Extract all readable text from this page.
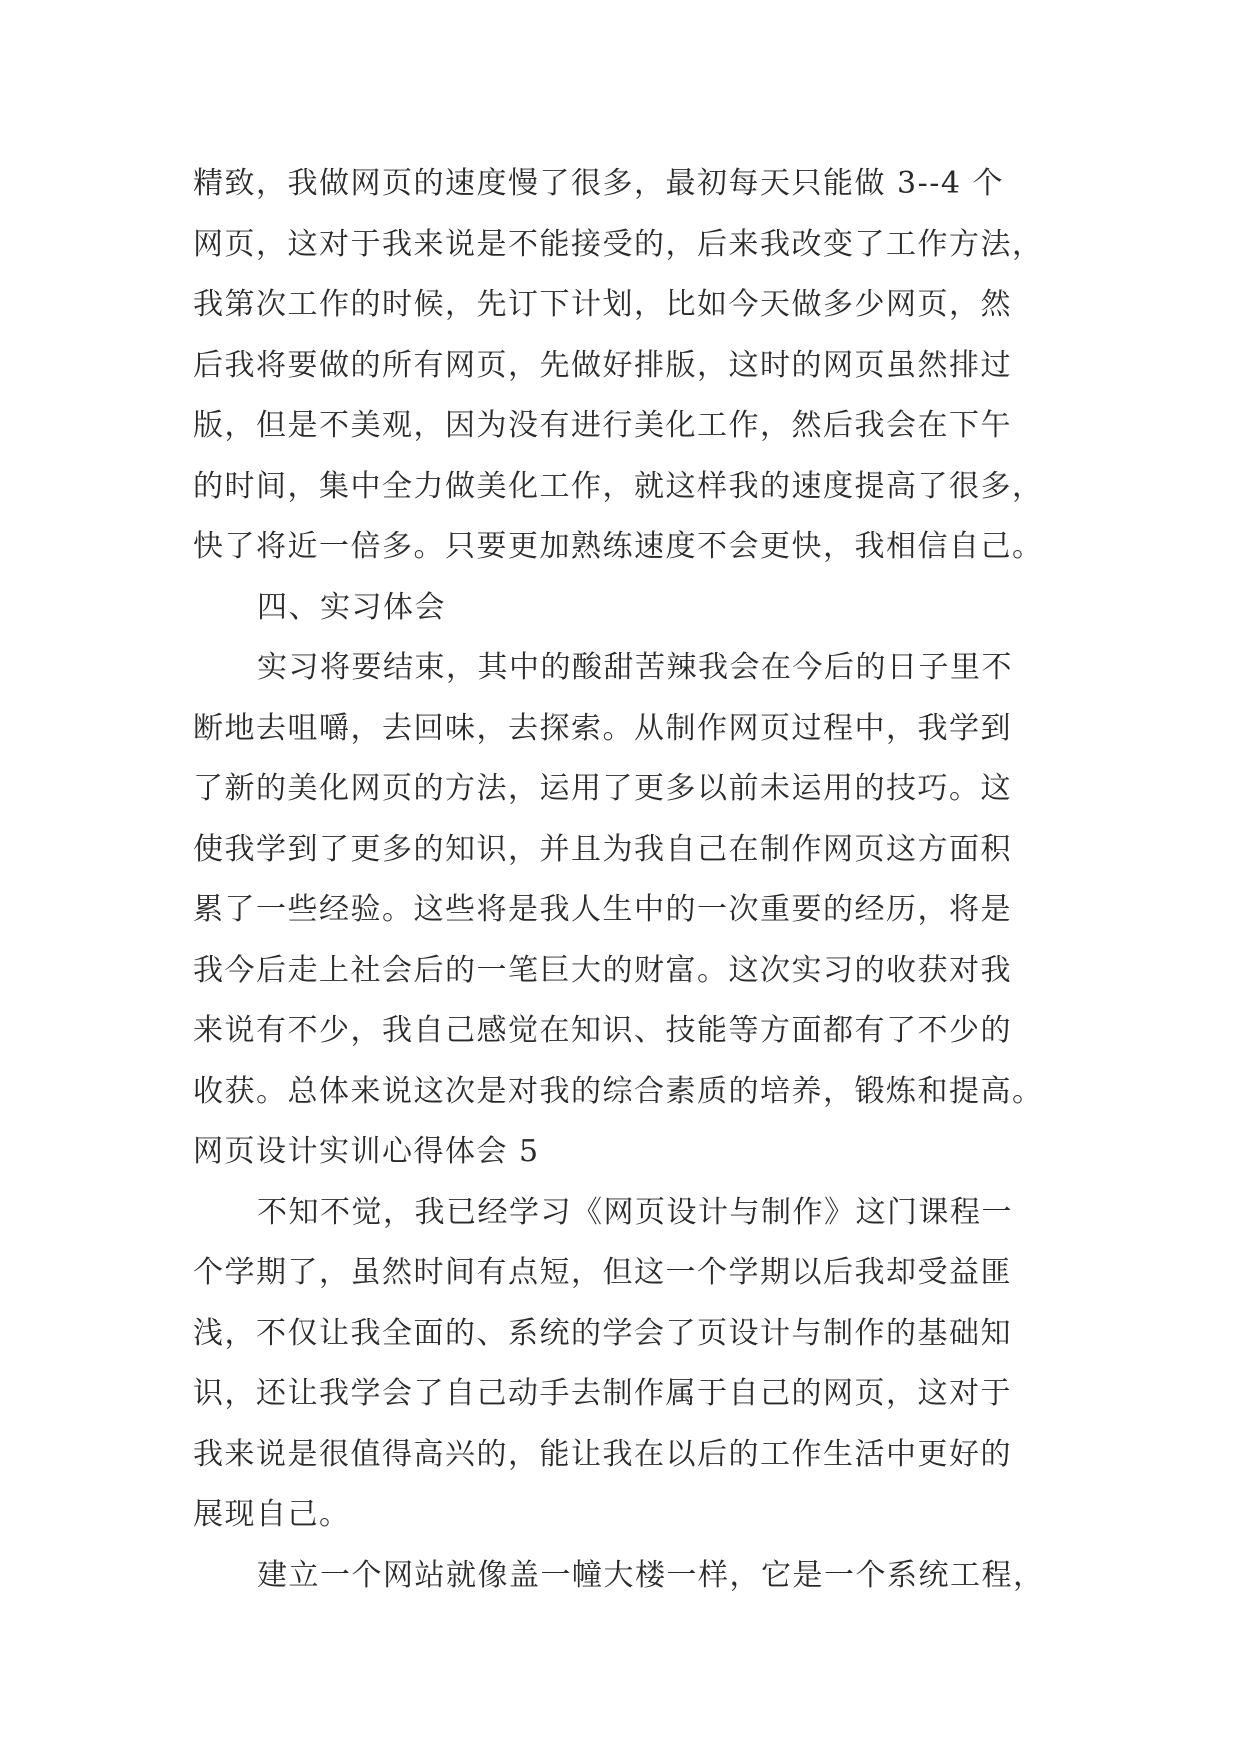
精致，我做网页的速度慢了很多，最初每天只能做 3--4 个
网页，这对于我来说是不能接受的，后来我改变了工作方法，
我第次工作的时候，先订下计划，比如今天做多少网页，然
后我将要做的所有网页，先做好排版，这时的网页虽然排过
版，但是不美观，因为没有进行美化工作，然后我会在下午
的时间，集中全力做美化工作，就这样我的速度提高了很多，
快了将近一倍多。只要更加熟练速度不会更快，我相信自己。
四、实习体会
实习将要结束，其中的酸甜苦辣我会在今后的日子里不
断地去咀嚼，去回味，去探索。从制作网页过程中，我学到
了新的美化网页的方法，运用了更多以前未运用的技巧。这
使我学到了更多的知识，并且为我自己在制作网页这方面积
累了一些经验。这些将是我人生中的一次重要的经历，将是
我今后走上社会后的一笔巨大的财富。这次实习的收获对我
来说有不少，我自己感觉在知识、技能等方面都有了不少的
收获。总体来说这次是对我的综合素质的培养，锻炼和提高。
网页设计实训心得体会 5
不知不觉，我已经学习《网页设计与制作》这门课程一
个学期了，虽然时间有点短，但这一个学期以后我却受益匪
浅，不仅让我全面的、系统的学会了页设计与制作的基础知
识，还让我学会了自己动手去制作属于自己的网页，这对于
我来说是很值得高兴的，能让我在以后的工作生活中更好的
展现自己。
建立一个网站就像盖一幢大楼一样，它是一个系统工程，
